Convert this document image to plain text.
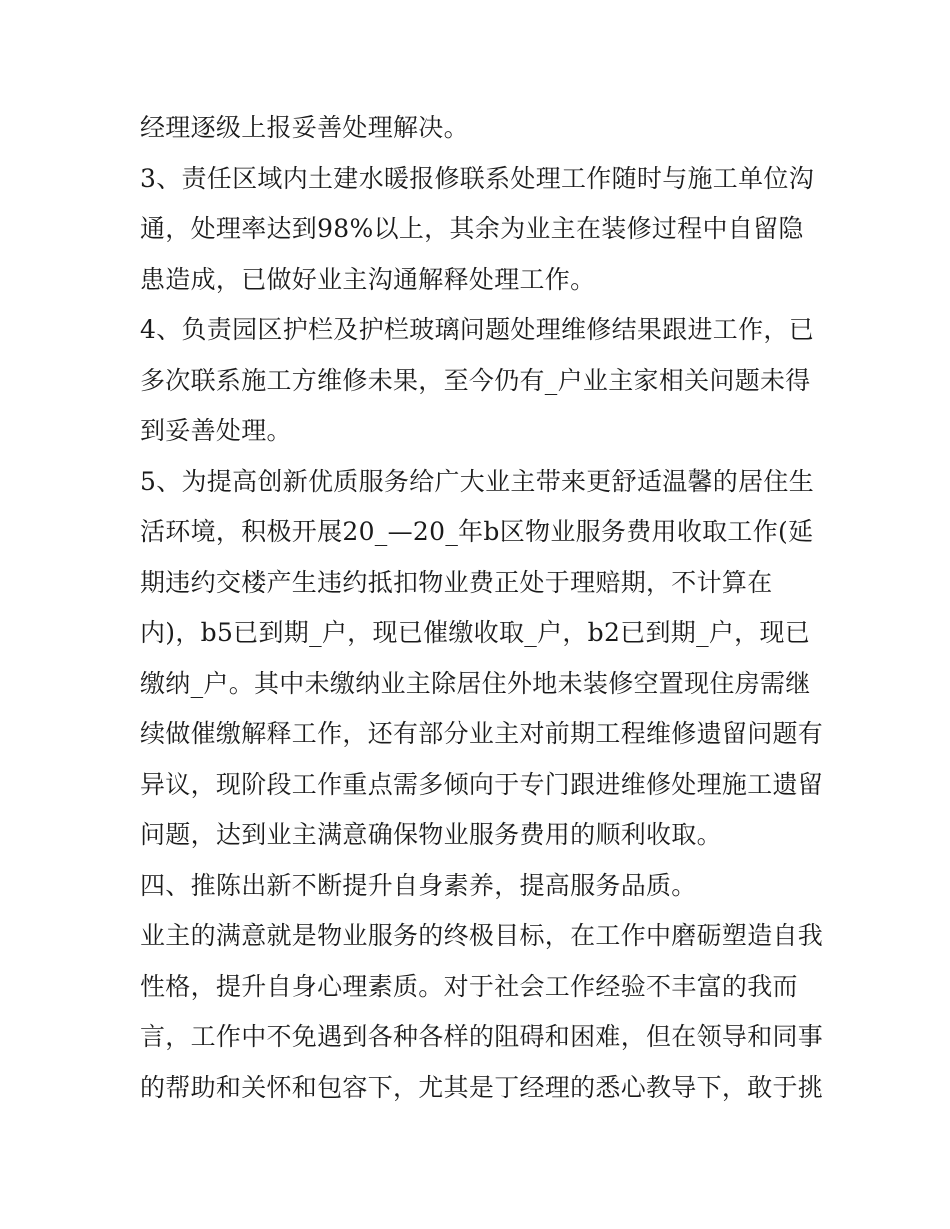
经理逐级上报妥善处理解决。
3、责任区域内土建水暖报修联系处理工作随时与施工单位沟
通，处理率达到98%以上，其余为业主在装修过程中自留隐
患造成，已做好业主沟通解释处理工作。
4、负责园区护栏及护栏玻璃问题处理维修结果跟进工作，已
多次联系施工方维修未果，至今仍有_户业主家相关问题未得
到妥善处理。
5、为提高创新优质服务给广大业主带来更舒适温馨的居住生
活环境，积极开展20_—20_年b区物业服务费用收取工作(延
期违约交楼产生违约抵扣物业费正处于理赔期，不计算在
内)，b5已到期_户，现已催缴收取_户，b2已到期_户，现已
缴纳_户。其中未缴纳业主除居住外地未装修空置现住房需继
续做催缴解释工作，还有部分业主对前期工程维修遗留问题有
异议，现阶段工作重点需多倾向于专门跟进维修处理施工遗留
问题，达到业主满意确保物业服务费用的顺利收取。
四、推陈出新不断提升自身素养，提高服务品质。
业主的满意就是物业服务的终极目标，在工作中磨砺塑造自我
性格，提升自身心理素质。对于社会工作经验不丰富的我而
言，工作中不免遇到各种各样的阻碍和困难，但在领导和同事
的帮助和关怀和包容下，尤其是丁经理的悉心教导下，敢于挑
